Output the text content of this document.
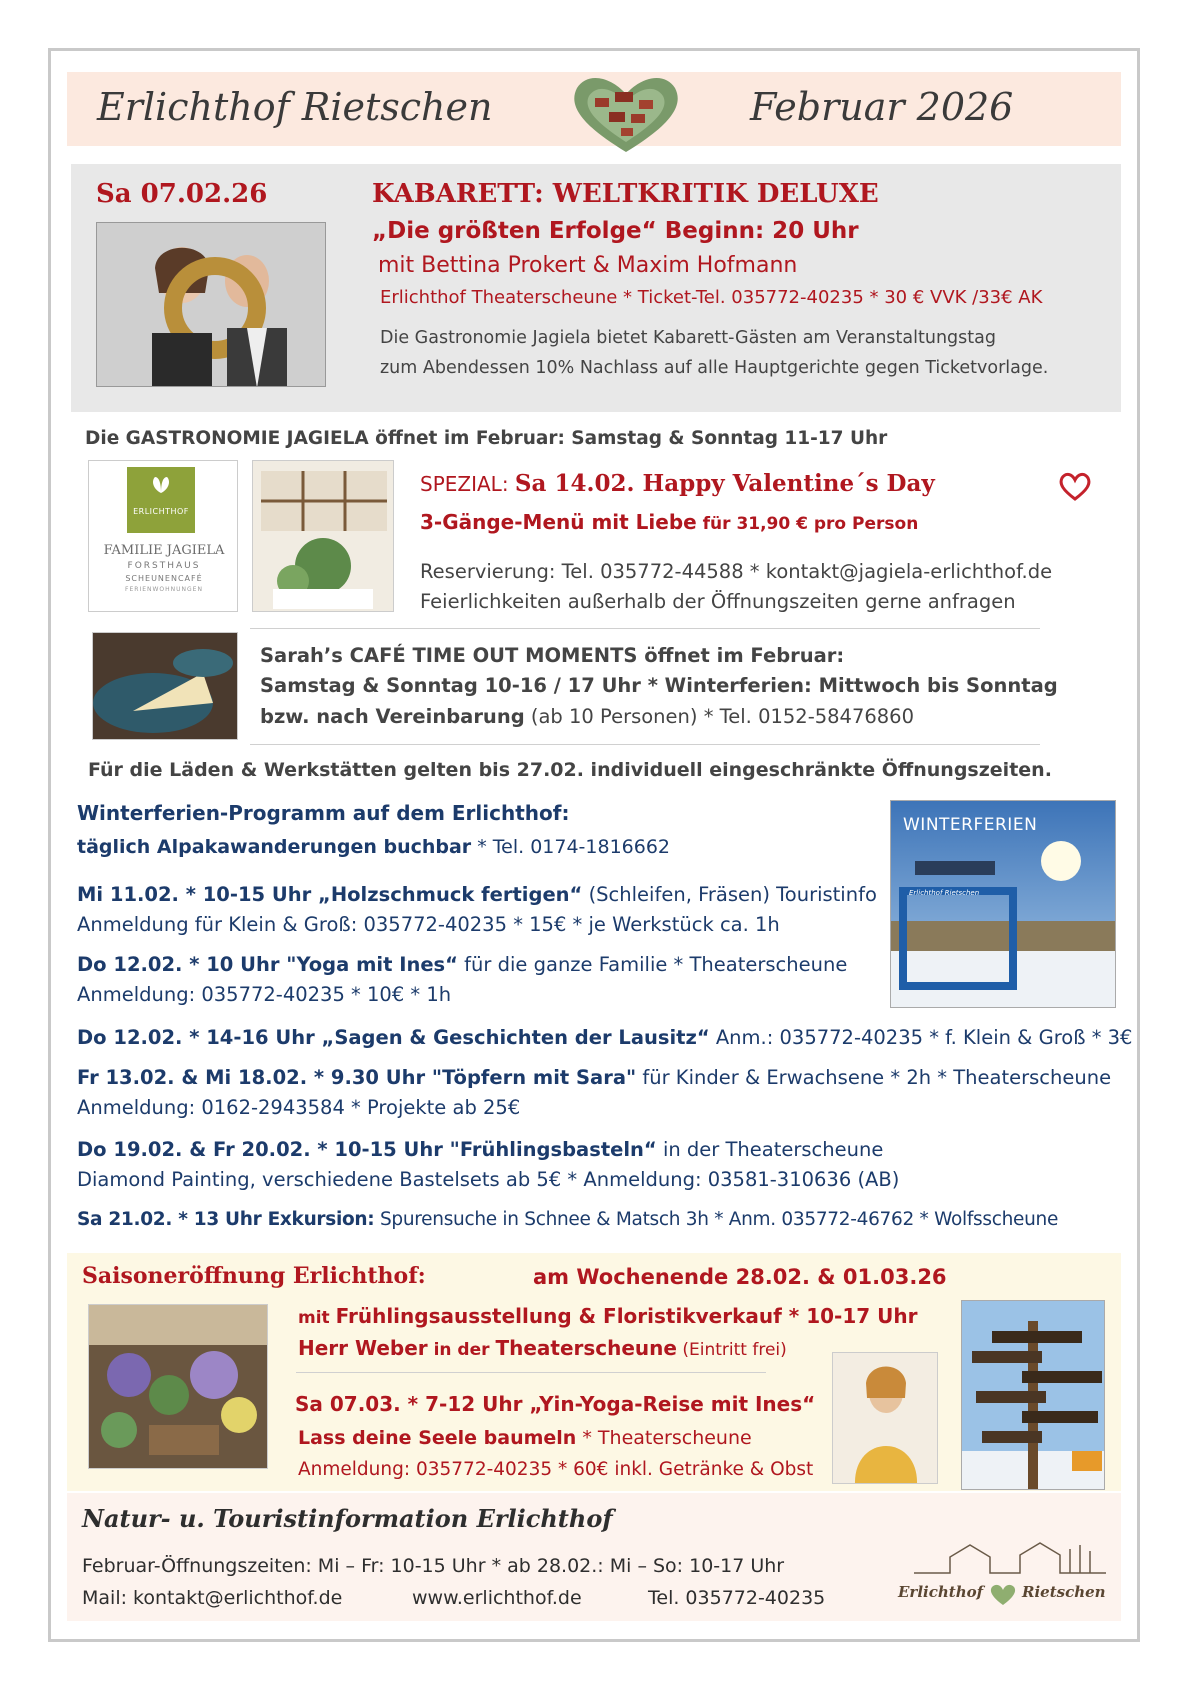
Erlichthof Rietschen	Februar 2026
Sa 07.02.26	KABARETT: WELTKRITIK DELUXE
„Die größten Erfolge“ Beginn: 20 Uhr
mit Bettina Prokert & Maxim Hofmann
Erlichthof Theaterscheune * Ticket-Tel. 035772-40235 * 30 € VVK /33€ AK
Die Gastronomie Jagiela bietet Kabarett-Gästen am Veranstaltungstag
zum Abendessen 10% Nachlass auf alle Hauptgerichte gegen Ticketvorlage.
Die GASTRONOMIE JAGIELA öffnet im Februar: Samstag & Sonntag 11-17 Uhr
ERLICHTHOF
FAMILIE JAGIELA
FORSTHAUS
SCHEUNENCAFÉ
FERIENWOHNUNGEN
SPEZIAL: Sa 14.02. Happy Valentine´s Day
3-Gänge-Menü mit Liebe für 31,90 € pro Person
Reservierung: Tel. 035772-44588 * kontakt@jagiela-erlichthof.de
Feierlichkeiten außerhalb der Öffnungszeiten gerne anfragen
Sarah’s CAFÉ TIME OUT MOMENTS öffnet im Februar:
Samstag & Sonntag 10-16 / 17 Uhr * Winterferien: Mittwoch bis Sonntag
bzw. nach Vereinbarung (ab 10 Personen) * Tel. 0152-58476860
Für die Läden & Werkstätten gelten bis 27.02. individuell eingeschränkte Öffnungszeiten.
Winterferien-Programm auf dem Erlichthof:
täglich Alpakawanderungen buchbar * Tel. 0174-1816662
WINTERFERIEN
Erlichthof Rietschen
Mi 11.02. * 10-15 Uhr „Holzschmuck fertigen“ (Schleifen, Fräsen) Touristinfo
Anmeldung für Klein & Groß: 035772-40235 * 15€ * je Werkstück ca. 1h
Do 12.02. * 10 Uhr "Yoga mit Ines“ für die ganze Familie * Theaterscheune
Anmeldung: 035772-40235 * 10€ * 1h
Do 12.02. * 14-16 Uhr „Sagen & Geschichten der Lausitz“ Anm.: 035772-40235 * f. Klein & Groß * 3€
Fr 13.02. & Mi 18.02. * 9.30 Uhr "Töpfern mit Sara" für Kinder & Erwachsene * 2h * Theaterscheune
Anmeldung: 0162-2943584 * Projekte ab 25€
Do 19.02. & Fr 20.02. * 10-15 Uhr "Frühlingsbasteln“ in der Theaterscheune
Diamond Painting, verschiedene Bastelsets ab 5€ * Anmeldung: 03581-310636 (AB)
Sa 21.02. * 13 Uhr Exkursion: Spurensuche in Schnee & Matsch 3h * Anm. 035772-46762 * Wolfsscheune
Saisoneröffnung Erlichthof:	am Wochenende 28.02. & 01.03.26
mit Frühlingsausstellung & Floristikverkauf * 10-17 Uhr
Herr Weber in der Theaterscheune (Eintritt frei)
Sa 07.03. * 7-12 Uhr „Yin-Yoga-Reise mit Ines“
Lass deine Seele baumeln * Theaterscheune
Anmeldung: 035772-40235 * 60€ inkl. Getränke & Obst
Natur- u. Touristinformation Erlichthof
Februar-Öffnungszeiten: Mi – Fr: 10-15 Uhr * ab 28.02.: Mi – So: 10-17 Uhr
Mail: kontakt@erlichthof.de	www.erlichthof.de	Tel. 035772-40235	Erlichthof	Rietschen
